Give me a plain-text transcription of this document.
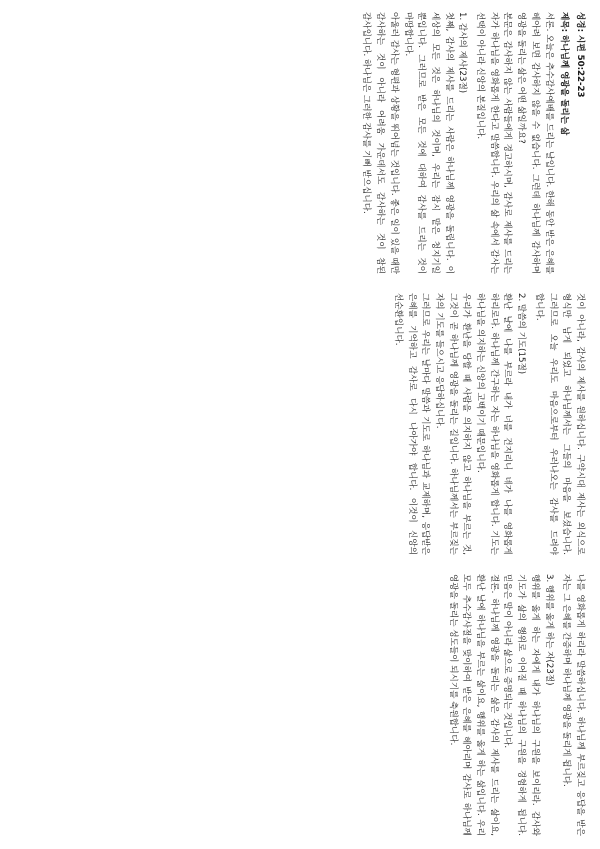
성경: 시편 50:22-23

제목: 하나님께 영광을 돌리는 삶

서론. 오늘은 추수감사예배를 드리는 날입니다. 한해 동안 받은 은혜를 헤아려 보면 감사하지 않을 수 없습니다. 그런데 하나님께 감사하며 영광을 돌리는 삶은 어떤 삶일까요?

본문은 감사하지 않는 사람들에게 경고하시며, 감사로 제사를 드리는 자가 하나님을 영화롭게 한다고 말씀합니다. 우리의 삶 속에서 감사는 선택이 아니라 신앙의 본질입니다.

1. 감사의 제사(23절)

첫째, 감사의 제사를 드리는 사람은 하나님께 영광을 돌립니다. 이 세상의 모든 것은 하나님의 것이며, 우리는 잠시 맡은 청지기일 뿐입니다. 그러므로 받은 모든 것에 대하여 감사를 드리는 것이 마땅합니다.

아울러 감사는 형편과 상황을 뛰어넘는 것입니다. 좋은 일이 있을 때만 감사하는 것이 아니라 어려움 가운데서도 감사하는 것이 참된 감사입니다. 하나님은 그러한 감사를 기뻐 받으십니다.

것이 아니라, 감사의 제사를 원하십니다. 구약시대 제사는 외식으로 형식만 남게 되었고 하나님께서는 그들의 마음을 보셨습니다. 그러므로 오늘 우리도 마음으로부터 우러나오는 감사를 드려야 합니다.

2. 말씀의 기도(15절)

환난 날에 나를 부르라 내가 너를 건지리니 네가 나를 영화롭게 하리로다. 하나님께 간구하는 자는 하나님을 영화롭게 합니다. 기도는 하나님을 의지하는 신앙의 고백이기 때문입니다.

우리가 환난을 당할 때 사람을 의지하지 않고 하나님을 부르는 것, 그것이 곧 하나님께 영광을 돌리는 길입니다. 하나님께서는 부르짖는 자의 기도를 들으시고 응답하십니다.

그러므로 우리는 날마다 말씀과 기도로 하나님과 교제하며, 응답받은 은혜를 기억하고 감사로 다시 나아가야 합니다. 이것이 신앙의 선순환입니다.

나를 영화롭게 하리라 말씀하십니다. 하나님께 부르짖고 응답을 받은 자는 그 은혜를 간증하며 하나님께 영광을 돌리게 됩니다.

3. 행위를 옳게 하는 자(23절)

행위를 옳게 하는 자에게 내가 하나님의 구원을 보이리라. 감사와 기도가 삶의 행위로 이어질 때 하나님의 구원을 경험하게 됩니다. 믿음은 말이 아니라 삶으로 증명되는 것입니다.

결론. 하나님께 영광을 돌리는 삶은 감사의 제사를 드리는 삶이요, 환난 날에 하나님을 부르는 삶이요, 행위를 옳게 하는 삶입니다. 우리 모두 추수감사절을 맞이하여 받은 은혜를 헤아리며 감사로 하나님께 영광을 돌리는 성도들이 되시기를 축원합니다.
